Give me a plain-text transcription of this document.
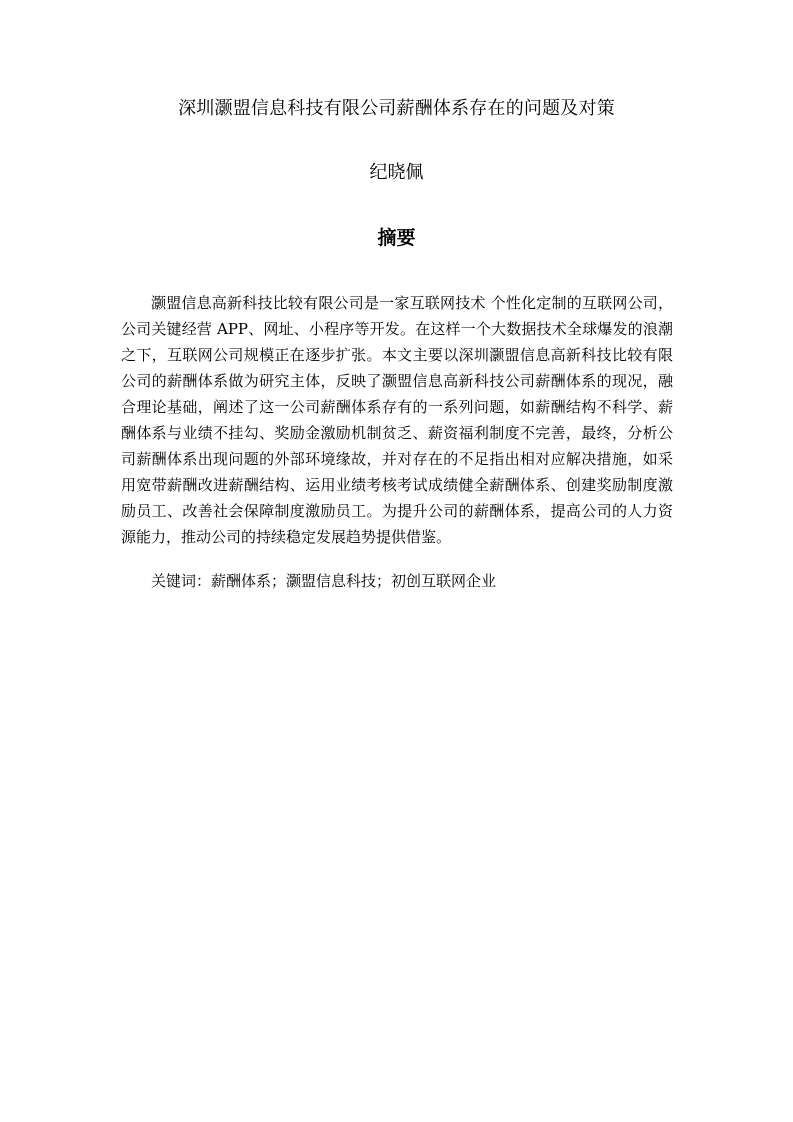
深圳灏盟信息科技有限公司薪酬体系存在的问题及对策
纪晓佩
摘要

灏盟信息高新科技比较有限公司是一家互联网技术 个性化定制的互联网公司，公司关键经营 APP、网址、小程序等开发。在这样一个大数据技术全球爆发的浪潮之下，互联网公司规模正在逐步扩张。本文主要以深圳灏盟信息高新科技比较有限公司的薪酬体系做为研究主体，反映了灏盟信息高新科技公司薪酬体系的现况，融合理论基础，阐述了这一公司薪酬体系存有的一系列问题，如薪酬结构不科学、薪酬体系与业绩不挂勾、奖励金激励机制贫乏、薪资福利制度不完善，最终，分析公司薪酬体系出现问题的外部环境缘故，并对存在的不足指出相对应解决措施，如采用宽带薪酬改进薪酬结构、运用业绩考核考试成绩健全薪酬体系、创建奖励制度激励员工、改善社会保障制度激励员工。为提升公司的薪酬体系，提高公司的人力资源能力，推动公司的持续稳定发展趋势提供借鉴。

关键词：薪酬体系；灏盟信息科技；初创互联网企业
